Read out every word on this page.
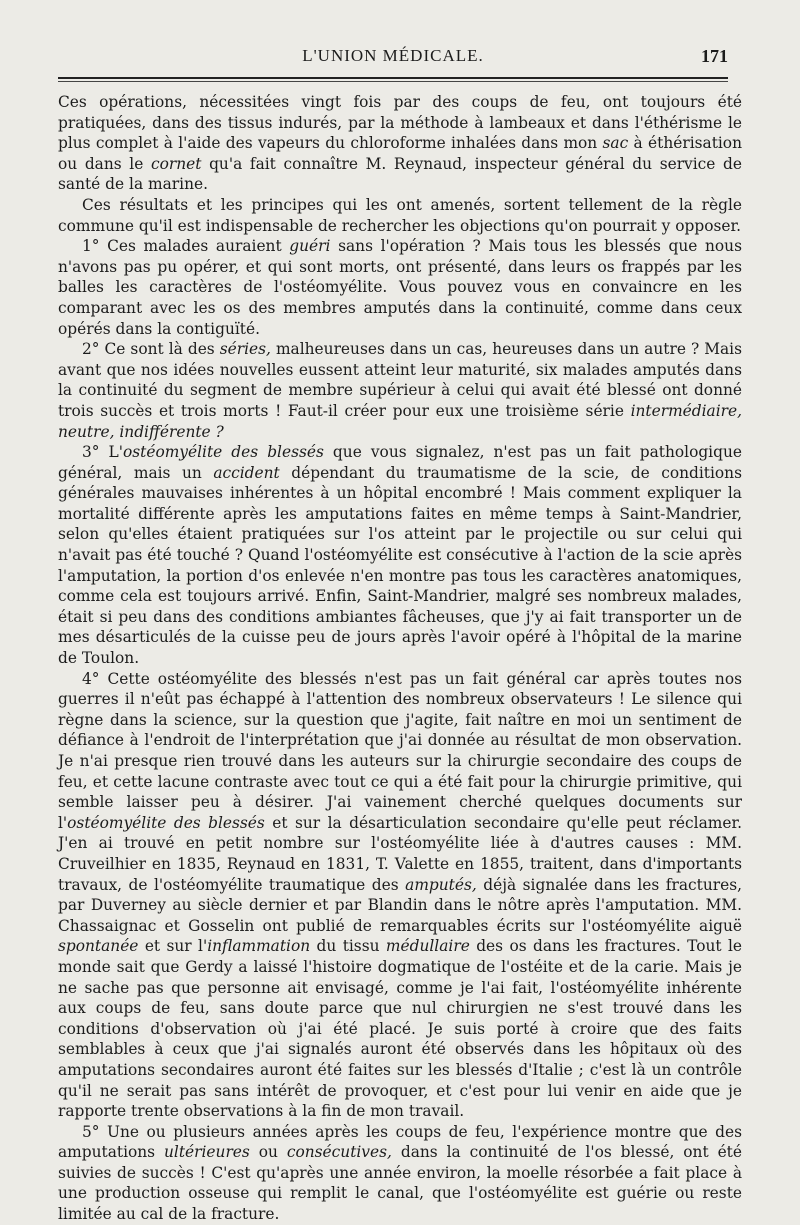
L'UNION MÉDICALE.	171

Ces opérations, nécessitées vingt fois par des coups de feu, ont toujours été pratiquées, dans des tissus indurés, par la méthode à lambeaux et dans l'éthérisme le plus complet à l'aide des vapeurs du chloroforme inhalées dans mon sac à éthérisation ou dans le cornet qu'a fait connaître M. Reynaud, inspecteur général du service de santé de la marine.

Ces résultats et les principes qui les ont amenés, sortent tellement de la règle commune qu'il est indispensable de rechercher les objections qu'on pourrait y opposer.

1° Ces malades auraient guéri sans l'opération ? Mais tous les blessés que nous n'avons pas pu opérer, et qui sont morts, ont présenté, dans leurs os frappés par les balles les caractères de l'ostéomyélite. Vous pouvez vous en convaincre en les comparant avec les os des membres amputés dans la continuité, comme dans ceux opérés dans la contiguïté.

2° Ce sont là des séries, malheureuses dans un cas, heureuses dans un autre ? Mais avant que nos idées nouvelles eussent atteint leur maturité, six malades amputés dans la continuité du segment de membre supérieur à celui qui avait été blessé ont donné trois succès et trois morts ! Faut-il créer pour eux une troisième série intermédiaire, neutre, indifférente ?

3° L'ostéomyélite des blessés que vous signalez, n'est pas un fait pathologique général, mais un accident dépendant du traumatisme de la scie, de conditions générales mauvaises inhérentes à un hôpital encombré ! Mais comment expliquer la mortalité différente après les amputations faites en même temps à Saint-Mandrier, selon qu'elles étaient pratiquées sur l'os atteint par le projectile ou sur celui qui n'avait pas été touché ? Quand l'ostéomyélite est consécutive à l'action de la scie après l'amputation, la portion d'os enlevée n'en montre pas tous les caractères anatomiques, comme cela est toujours arrivé. Enfin, Saint-Mandrier, malgré ses nombreux malades, était si peu dans des conditions ambiantes fâcheuses, que j'y ai fait transporter un de mes désarticulés de la cuisse peu de jours après l'avoir opéré à l'hôpital de la marine de Toulon.

4° Cette ostéomyélite des blessés n'est pas un fait général car après toutes nos guerres il n'eût pas échappé à l'attention des nombreux observateurs ! Le silence qui règne dans la science, sur la question que j'agite, fait naître en moi un sentiment de défiance à l'endroit de l'interprétation que j'ai donnée au résultat de mon observation. Je n'ai presque rien trouvé dans les auteurs sur la chirurgie secondaire des coups de feu, et cette lacune contraste avec tout ce qui a été fait pour la chirurgie primitive, qui semble laisser peu à désirer. J'ai vainement cherché quelques documents sur l'ostéomyélite des blessés et sur la désarticulation secondaire qu'elle peut réclamer. J'en ai trouvé en petit nombre sur l'ostéomyélite liée à d'autres causes : MM. Cruveilhier en 1835, Reynaud en 1831, T. Valette en 1855, traitent, dans d'importants travaux, de l'ostéomyélite traumatique des amputés, déjà signalée dans les fractures, par Duverney au siècle dernier et par Blandin dans le nôtre après l'amputation. MM. Chassaignac et Gosselin ont publié de remarquables écrits sur l'ostéomyélite aiguë spontanée et sur l'inflammation du tissu médullaire des os dans les fractures. Tout le monde sait que Gerdy a laissé l'histoire dogmatique de l'ostéite et de la carie. Mais je ne sache pas que personne ait envisagé, comme je l'ai fait, l'ostéomyélite inhérente aux coups de feu, sans doute parce que nul chirurgien ne s'est trouvé dans les conditions d'observation où j'ai été placé. Je suis porté à croire que des faits semblables à ceux que j'ai signalés auront été observés dans les hôpitaux où des amputations secondaires auront été faites sur les blessés d'Italie ; c'est là un contrôle qu'il ne serait pas sans intérêt de provoquer, et c'est pour lui venir en aide que je rapporte trente observations à la fin de mon travail.

5° Une ou plusieurs années après les coups de feu, l'expérience montre que des amputations ultérieures ou consécutives, dans la continuité de l'os blessé, ont été suivies de succès ! C'est qu'après une année environ, la moelle résorbée a fait place à une production osseuse qui remplit le canal, que l'ostéomyélite est guérie ou reste limitée au cal de la fracture.
